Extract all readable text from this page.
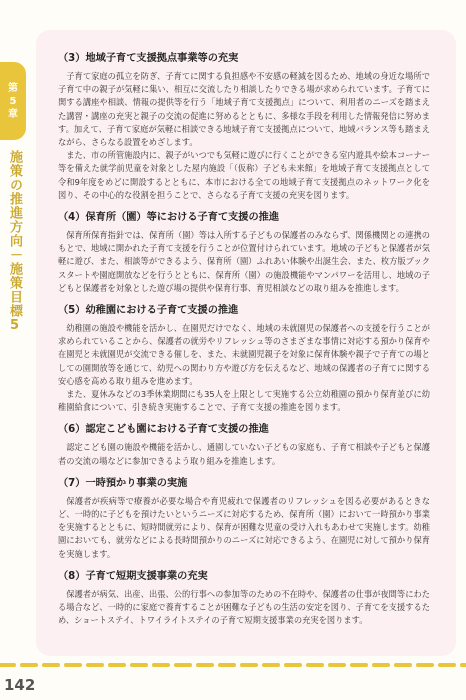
第
5
章
施策の推進方向－施策目標5

（3）地域子育て支援拠点事業等の充実

子育て家庭の孤立を防ぎ、子育てに関する負担感や不安感の軽減を図るため、地域の身近な場所で子育て中の親子が気軽に集い、相互に交流したり相談したりできる場が求められています。子育てに関する講座や相談、情報の提供等を行う「地域子育て支援拠点」について、利用者のニーズを踏まえた講習・講座の充実と親子の交流の促進に努めるとともに、多様な手段を利用した情報発信に努めます。加えて、子育て家庭が気軽に相談できる地域子育て支援拠点について、地域バランス等も踏まえながら、さらなる設置をめざします。

また、市の所管施設内に、親子がいつでも気軽に遊びに行くことができる室内遊具や絵本コーナー等を備えた就学前児童を対象とした屋内施設「（仮称）子ども未来館」を地域子育て支援拠点として令和9年度をめどに開設するとともに、本市における全ての地域子育て支援拠点のネットワーク化を図り、その中心的な役割を担うことで、さらなる子育て支援の充実を図ります。

（4）保育所（園）等における子育て支援の推進

保育所保育指針では、保育所（園）等は入所する子どもの保護者のみならず、関係機関との連携のもとで、地域に開かれた子育て支援を行うことが位置付けられています。地域の子どもと保護者が気軽に遊び、また、相談等ができるよう、保育所（園）ふれあい体験や出誕生会、また、枚方版ブックスタートや園庭開放などを行うとともに、保育所（園）の施設機能やマンパワーを活用し、地域の子どもと保護者を対象とした遊び場の提供や保育行事、育児相談などの取り組みを推進します。

（5）幼稚園における子育て支援の推進

幼稚園の施設や機能を活かし、在園児だけでなく、地域の未就園児の保護者への支援を行うことが求められていることから、保護者の就労やリフレッシュ等のさまざまな事情に対応する預かり保育や在園児と未就園児が交流できる催しを、また、未就園児親子を対象に保育体験や親子で子育ての場としての園開放等を通じて、幼児への関わり方や遊び方を伝えるなど、地域の保護者の子育てに関する安心感を高める取り組みを進めます。

また、夏休みなどの3季休業期間にも35人を上限として実施する公立幼稚園の預かり保育並びに幼稚園給食について、引き続き実施することで、子育て支援の推進を図ります。

（6）認定こども園における子育て支援の推進

認定こども園の施設や機能を活かし、通園していない子どもの家庭も、子育て相談や子どもと保護者の交流の場などに参加できるよう取り組みを推進します。

（7）一時預かり事業の実施

保護者が疾病等で療養が必要な場合や育児疲れで保護者のリフレッシュを図る必要があるときなど、一時的に子どもを預けたいというニーズに対応するため、保育所（園）において一時預かり事業を実施するとともに、短時間就労により、保育が困難な児童の受け入れもあわせて実施します。幼稚園においても、就労などによる長時間預かりのニーズに対応できるよう、在園児に対して預かり保育を実施します。

（8）子育て短期支援事業の充実

保護者が病気、出産、出張、公的行事への参加等のための不在時や、保護者の仕事が夜間等にわたる場合など、一時的に家庭で養育することが困難な子どもの生活の安定を図り、子育てを支援するため、ショートステイ、トワイライトステイの子育て短期支援事業の充実を図ります。

142
